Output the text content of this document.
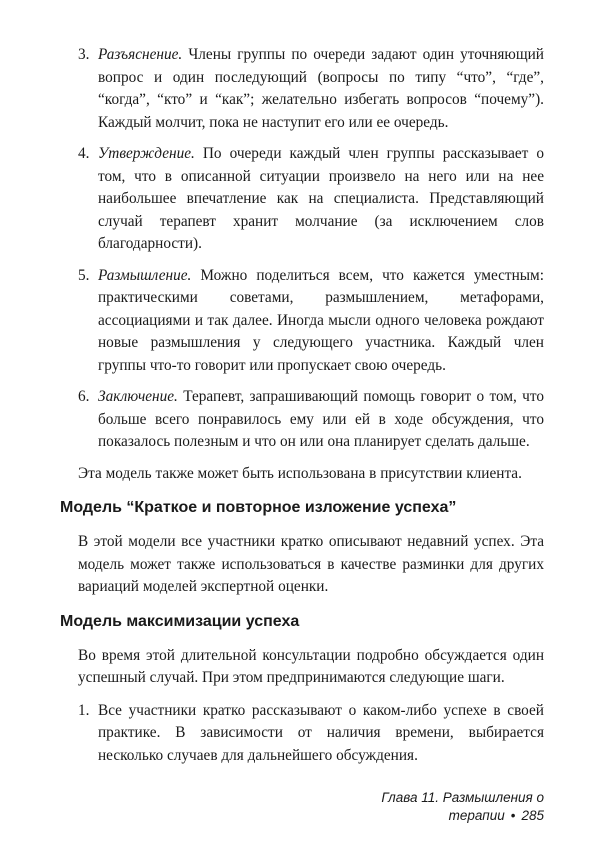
3. Разъяснение. Члены группы по очереди задают один уточняющий вопрос и один последующий (вопросы по типу “что”, “где”, “когда”, “кто” и “как”; желательно избегать вопросов “почему”). Каждый молчит, пока не наступит его или ее очередь.
4. Утверждение. По очереди каждый член группы рассказывает о том, что в описанной ситуации произвело на него или на нее наибольшее впечатление как на специалиста. Представляющий случай терапевт хранит молчание (за исключением слов благодарности).
5. Размышление. Можно поделиться всем, что кажется уместным: практическими советами, размышлением, метафорами, ассоциациями и так далее. Иногда мысли одного человека рождают новые размышления у следующего участника. Каждый член группы что-то говорит или пропускает свою очередь.
6. Заключение. Терапевт, запрашивающий помощь говорит о том, что больше всего понравилось ему или ей в ходе обсуждения, что показалось полезным и что он или она планирует сделать дальше.

Эта модель также может быть использована в присутствии клиента.

Модель “Краткое и повторное изложение успеха”

В этой модели все участники кратко описывают недавний успех. Эта модель может также использоваться в качестве разминки для других вариаций моделей экспертной оценки.

Модель максимизации успеха

Во время этой длительной консультации подробно обсуждается один успешный случай. При этом предпринимаются следующие шаги.

1. Все участники кратко рассказывают о каком-либо успехе в своей практике. В зависимости от наличия времени, выбирается несколько случаев для дальнейшего обсуждения.
Глава 11. Размышления о терапии • 285
